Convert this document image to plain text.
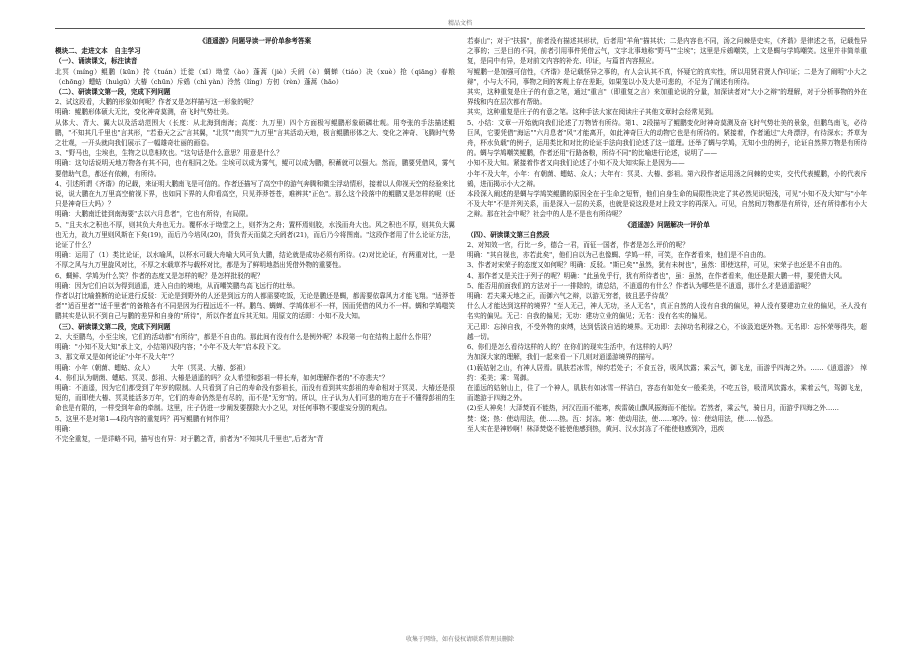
精品文档

《逍遥游》问题导读一评价单参考答案

模块二、走进文本　自主学习

（一）、诵读课文，标注读音

北冥（míng）鲲鹏（kūn）抟（tuán）迁徙（xǐ）坳堂（ào）蓬蒿（jiè）夭阏（è）蜩蝉（tiáo）决（xuè）抢（qiāng）春粮（chōng）蟪蛄（huìgū）大椿（chūn）斥鴳（chì yàn）泠然（líng）方仞（rèn）蓬蒿（hāo）

（二）、研读课文第一段，完成下列问题

2、试这段看，大鹏的形象如何呢？作者又是怎样描写这一形象的呢？

明确：鲲鹏形体硕大无比，变化神奇莫测，奋飞时气势壮美。

从体大、背大、翼大以及活动范围大（长度：从北海到南海；高度：九万里）四个方面极写鲲鹏形象硕磷壮观。用夸张的手法描述鲲鹏，"不知其几千里也"言其形，"若垂天之云"言其翼，"北冥""南冥""九万里"言其活动天地，极言鲲鹏形体之大、变化之神奇、飞腾时气势之壮观，一开头就向我们展示了一幅雄奇壮丽的画卷。

3、"野马也，尘埃也，生物之以息相吹也。"这句话是什么意思？用意是什么？

明确：这句话说明天地万物各有其不同，也有相同之处。尘埃可以成为雾气，鲲可以成为鹏，积蓄就可以强大。然而，鹏要凭借风，雾气要借助气息，都还有依赖，有所待。

4、引述所谓《齐谐》的记载，来证明大鹏南飞是可信的。作者还描写了高空中的游气奔腾和微尘浮动情形，接着以人仰视天空的经验来比说，说大鹏在九万里高空俯视下界，也如同下界的人仰看高空，只见莽莽苍苍，难辨其"正色"。那么这个段落中的鲲鹏又是怎样的呢（还只是神奇巨大吗）？

明确：大鹏南迁徙到南海要"去以六月息者"，它也有所待，有局限。

5、"且夫水之积也不厚，则其负大舟也无力。覆杯水于坳堂之上，则芥为之舟；置杯焉则胶，水浅而舟大也。风之积也不厚，则其负大翼也无力，故九万里则风斯在下矣(19)，而后乃今培风(20)，背负青天而莫之夭阏者(21)，而后乃今将图南。"这段作者用了什么论证方法，论证了什么？

明确：运用了（1）类比论证，以水喻风，以杯水可载大舟喻大风可负大鹏，结论就是成功必须有所待。(2)对比论证，有两重对比，一是不厚之风与九万里旋风对比，不厚之水载草芥与载杯对比，都是为了鲜明地指出凭借外物的重要性。

6、蜩鲜、学鸠为什么笑？作者的态度又是怎样的呢？是怎样批驳的呢？

明确：因为它们自以为得到逍遥，进入自由的境地，从而嘲笑鹏鸟高飞远行的壮举。

作者以打比喻推断的论证进行反驳：无论是到野外的人还是到远方的人都需要吃饭，无论是鹏还是蜩，都需要依靠风力才能飞翔。"适莽苍者""适百里者""适千里者"的备粮各有不同是因为行程远近不一样。鹏鸟、蜩蝉、学鸠体形不一样，因而凭借的风力不一样。蜩和学鸠嗤笑鹏其实是认识不到自己与鹏的差异和自身的"所待"，所以作者直斥其无知。用原文的话即：小知不及大知。

（三）、研读课文第二段，完成下列问题

2、大至鹏鸟，小至尘埃，它们的活动都"有所待"，都是不自由的。那此间有没有什么是例外呢？本段第一句在结构上起什么作用？

明确："小知不及大知"承上文，小结第四段内容；"小年不及大年"启本段下文。

3、那文章又是如何论证"小年不及大年"？

明确：小年（朝菌、蟪蛄、众人）　　　大年（冥灵、大椿、彭祖）

4、你们认为朝菌、蟪蛄、冥灵、彭祖、大椿是逍遥的吗？众人希望和彭祖一样长寿，如何理解作者的"不亦悲夫"？

明确：不逍遥，因为它们都受到了年岁的限制。人只看到了自己的寿命没有彭祖长，而没有看到其实彭祖的寿命相对于冥灵、大椿还是很短的，而即使大椿、冥灵能活多万年，它们的寿命仍然是有尽的，而不是"无穷"的。所以，庄子认为人们可悲的地方在于不懂得彭祖的生命也是有限的，一样受到年命的牵制。这里，庄子仍进一步阐发要摆除大小之见，对任何事物不要虚妄分别的观点。

5、这里不是对第1—4段内容的重复吗？再写鲲鹏有何作用？

明确：

不完全重复，一是详略不同，描写也有异：对于鹏之背，前者为"不知其几千里也",后者为"背

若泰山"；对于"扶摇"，前者没有描述其形状，后者用"羊角"描其状；二是内容也不同，汤之问棘是史实，《齐谐》是律述之书，记载性异之事的；三是目的不同，前者引用事件凭借云气，文字北事地称"野马""尘埃"；这里是斥鴳嘲笑，上文是蜩与学鸠嘲笑。这里并非简单重复，是同中有异，是对前文内容的补充、印证，与篇首内容照应。

写鲲鹏一是加强可信性，《齐谐》是记载怪异之事的，有人会认其不真，怀疑它的真实性，所以用贤君贤人作印证；二是为了阐明"小大之辩"，小与大不同，事物之间的客观上存在差距，如果笼以小及大是可悲的，不足为了阐述有所待。

其实，这种重复是庄子的有意之笔，通过"重言"（即重复之言）来加重论说的分量，加深读者对"大小之辩"的理解，对于分析事物的外在界线和内在层次都有帮助。

其实，这种重复是庄子的有意之笔。这种手法大家在阅读庄子其他文章时会经常见到。

5、小结：文章一开始就向我们论述了万物皆有所待。第1、2段描写了鲲鹏变化时神奇莫测及奋飞时气势壮美的景象，但鹏鸟南飞，必待巨风，它要凭借"海运""六月息者"风"才能离开，如此神奇巨大的动物它也是有所待的。紧接着，作者通过"大舟漂浮，有待深水；芥草为舟，杯水负载"的例子，运用类比和对比的论证手法向我们论述了这一道理。还举了蜩与学鸠，无知小虫的例子，论证自然界万物是有所待的。蜩与学鸠嘲笑鲲鹏，作者还用"行路备粮，所待不同"的比喻进行论述，说明了——

小知不及大知。紧接着作者又向我们论述了小知不及大知实际上是因为——

小年不及大年，小年：有朝菌、蟪蛄、众人；大年有：冥灵、大椿、彭祖。第六段作者运用汤之问棘的史实，交代代表鲲鹏，小的代表斥鴳，进而揭示小大之辩。

本段深入阐述的是蜩与学鸠笑鲲鹏的原因全在于生命之短暂，他们自身生命的局限性决定了其必然见识短浅，可见"小知不及大知"与"小年不及大年"不是并列关系，而是深入一层的关系，也就是说这段是对上段文字的再深入。可见，自然间万物都是有所待，还有所待都有小大之辩。那在社会中呢？社会中的人是不是也有所待呢？

《逍遥游》问题解决一评价单

（四）、研读课文第三自然段

2、对知效一官，行比一乡，德合一君，而征一国者，作者是怎么评价的呢？

明确："其自视也，亦若此矣"，他们自以为己也像蜩、学鸠一样，可笑，在作者看来，他们是不自由的。

3、作者对宋荣子的态度又如何呢？明确：反驳。"斯已矣""虽然，犹有未树也"，虽然：即使这样，可见，宋荣子也还是不自由的。

4、那作者又是关注于列子的呢？明确："此虽免乎行，犹有所待者也"，虽：虽然，在作者看来，他还是跟大鹏一样，要凭借大风。

5、能否用前面我们的方法对于一一排除的，请总结，不逍遥的有什么？作者认为哪些是不逍遥，那什么才是逍遥游呢？

明确：若夫乘天地之正，而御六气之辩，以游无穷者，彼且恶乎待哉？

什么人才能达到这样的境界？"至人无己，神人无功，圣人无名"，真正自然的人没有自我的偏见，神人没有要建功立业的偏见，圣人没有名实的偏见。无己：自我的偏见；无功：建功立业的偏见；无名：没有名实的偏见。

无己即：忘掉自我，不受外物的束缚，达到恬淡自适的境界。无功即：去掉功名利禄之心，不该汲追逐外物。无名即：忘怀荣辱得失，超越一切。

6、你们是怎么看待这样的人的？在你们的现实生活中，有这样的人吗？

为加深大家的理解，我们一起来看一下几则对逍遥游境界的描写。

(1)藐姑射之山，有神人居焉。肌肤若冰雪，绰约若处子；不食五谷，吸风饮露；乘云气，御飞龙，而游乎四海之外。……《逍遥游》　绰约：柔美；乘：驾御。

在遥远的姑射山上，住了一个神人，肌肤有如冰雪一样洁白，容态有如处女一般柔美，不吃五谷，吸清风饮露水，乘着云气，驾御飞龙，而遨游于四海之外。

(2)至人神矣！大泽焚而不能热，河汉沍而不能寒，疾雷破山飘风振海而不能惊。若然者，乘云气，骑日月，而游乎四海之外……

焚：烧；热：使动用法，使……热。沍：封冻。寒：使动用法，使……寒冷。惊：使动用法，使……惊恐。

至人实在是神妙啊！林泽焚烧不能使他感到热，黄河、汉水封冻了不能使他感到冷，迅疾

收集于网络，如有侵权请联系管理员删除
